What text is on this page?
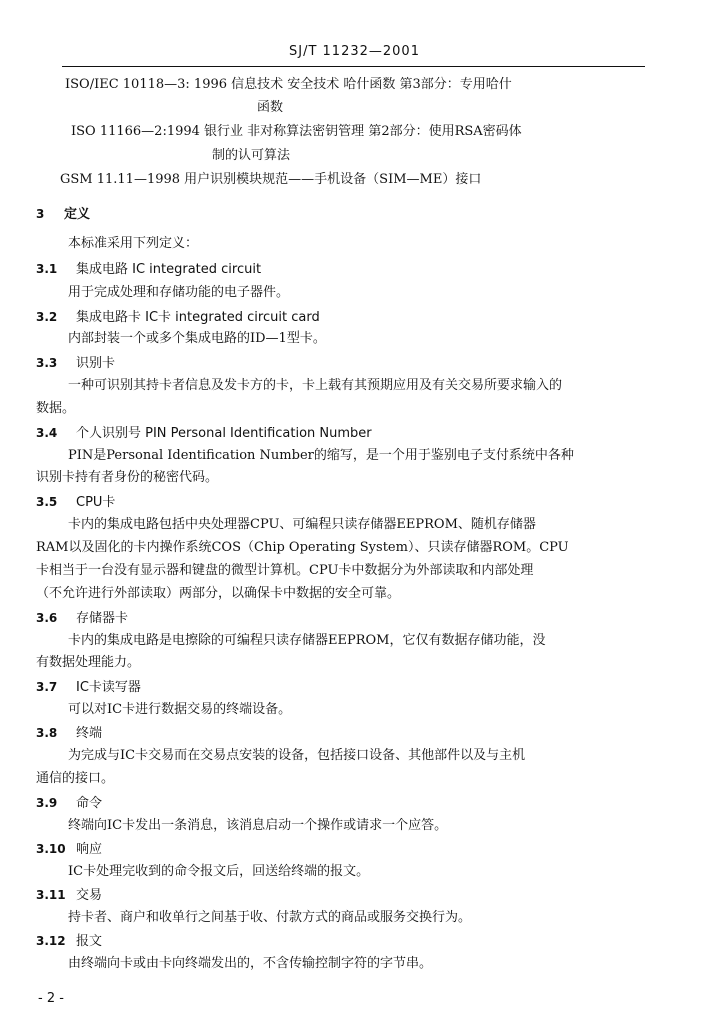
SJ/T 11232—2001
ISO/IEC 10118—3: 1996 信息技术 安全技术 哈什函数 第3部分：专用哈什
函数
ISO 11166—2:1994 银行业 非对称算法密钥管理 第2部分：使用RSA密码体
制的认可算法
GSM 11.11—1998 用户识别模块规范——手机设备（SIM—ME）接口
3 定义
本标准采用下列定义：
3.1 集成电路 IC integrated circuit
用于完成处理和存储功能的电子器件。
3.2 集成电路卡 IC卡 integrated circuit card
内部封装一个或多个集成电路的ID—1型卡。
3.3 识别卡
一种可识别其持卡者信息及发卡方的卡，卡上载有其预期应用及有关交易所要求输入的
数据。
3.4 个人识别号 PIN Personal Identification Number
PIN是Personal Identification Number的缩写，是一个用于鉴别电子支付系统中各种
识别卡持有者身份的秘密代码。
3.5 CPU卡
卡内的集成电路包括中央处理器CPU、可编程只读存储器EEPROM、随机存储器
RAM以及固化的卡内操作系统COS（Chip Operating System）、只读存储器ROM。CPU
卡相当于一台没有显示器和键盘的微型计算机。CPU卡中数据分为外部读取和内部处理
（不允许进行外部读取）两部分，以确保卡中数据的安全可靠。
3.6 存储器卡
卡内的集成电路是电擦除的可编程只读存储器EEPROM，它仅有数据存储功能，没
有数据处理能力。
3.7 IC卡读写器
可以对IC卡进行数据交易的终端设备。
3.8 终端
为完成与IC卡交易而在交易点安装的设备，包括接口设备、其他部件以及与主机
通信的接口。
3.9 命令
终端向IC卡发出一条消息，该消息启动一个操作或请求一个应答。
3.10 响应
IC卡处理完收到的命令报文后，回送给终端的报文。
3.11 交易
持卡者、商户和收单行之间基于收、付款方式的商品或服务交换行为。
3.12 报文
由终端向卡或由卡向终端发出的，不含传输控制字符的字节串。
- 2 -
